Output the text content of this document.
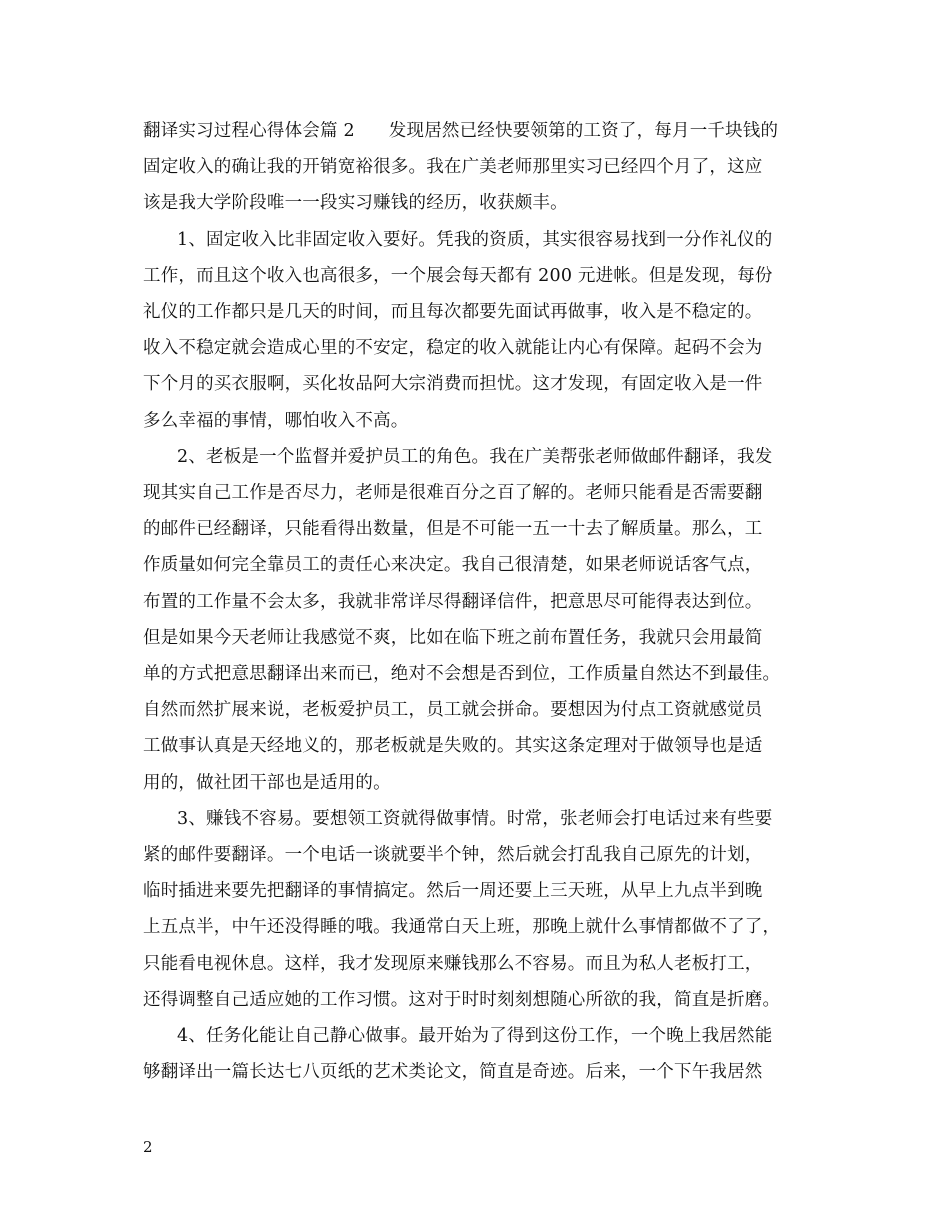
翻译实习过程心得体会篇 2 发现居然已经快要领第的工资了，每月一千块钱的
固定收入的确让我的开销宽裕很多。我在广美老师那里实习已经四个月了，这应
该是我大学阶段唯一一段实习赚钱的经历，收获颇丰。
1、固定收入比非固定收入要好。凭我的资质，其实很容易找到一分作礼仪的
工作，而且这个收入也高很多，一个展会每天都有 200 元进帐。但是发现，每份
礼仪的工作都只是几天的时间，而且每次都要先面试再做事，收入是不稳定的。
收入不稳定就会造成心里的不安定，稳定的收入就能让内心有保障。起码不会为
下个月的买衣服啊，买化妆品阿大宗消费而担忧。这才发现，有固定收入是一件
多么幸福的事情，哪怕收入不高。
2、老板是一个监督并爱护员工的角色。我在广美帮张老师做邮件翻译，我发
现其实自己工作是否尽力，老师是很难百分之百了解的。老师只能看是否需要翻
的邮件已经翻译，只能看得出数量，但是不可能一五一十去了解质量。那么，工
作质量如何完全靠员工的责任心来决定。我自己很清楚，如果老师说话客气点，
布置的工作量不会太多，我就非常详尽得翻译信件，把意思尽可能得表达到位。
但是如果今天老师让我感觉不爽，比如在临下班之前布置任务，我就只会用最简
单的方式把意思翻译出来而已，绝对不会想是否到位，工作质量自然达不到最佳。
自然而然扩展来说，老板爱护员工，员工就会拼命。要想因为付点工资就感觉员
工做事认真是天经地义的，那老板就是失败的。其实这条定理对于做领导也是适
用的，做社团干部也是适用的。
3、赚钱不容易。要想领工资就得做事情。时常，张老师会打电话过来有些要
紧的邮件要翻译。一个电话一谈就要半个钟，然后就会打乱我自己原先的计划，
临时插进来要先把翻译的事情搞定。然后一周还要上三天班，从早上九点半到晚
上五点半，中午还没得睡的哦。我通常白天上班，那晚上就什么事情都做不了了，
只能看电视休息。这样，我才发现原来赚钱那么不容易。而且为私人老板打工，
还得调整自己适应她的工作习惯。这对于时时刻刻想随心所欲的我，简直是折磨。
4、任务化能让自己静心做事。最开始为了得到这份工作，一个晚上我居然能
够翻译出一篇长达七八页纸的艺术类论文，简直是奇迹。后来，一个下午我居然
2
